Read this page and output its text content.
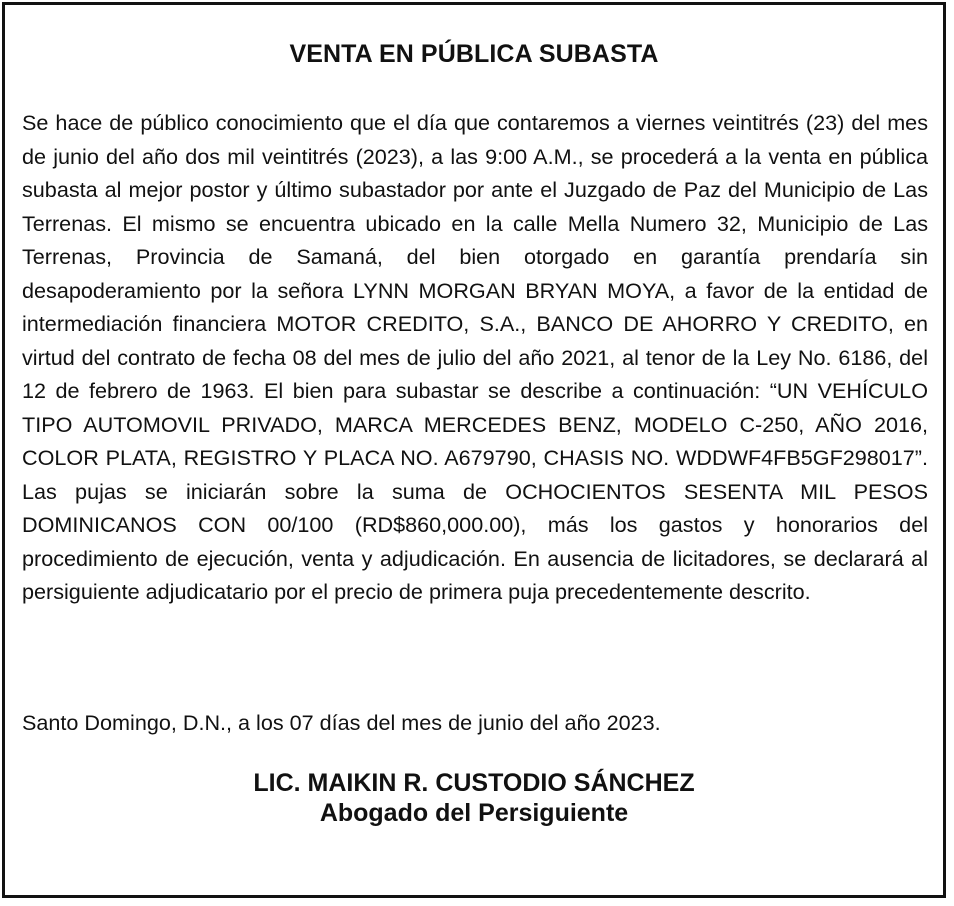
VENTA EN PÚBLICA SUBASTA

Se hace de público conocimiento que el día que contaremos a viernes veintitrés (23) del mes de junio del año dos mil veintitrés (2023), a las 9:00 A.M., se procederá a la venta en pública subasta al mejor postor y último subastador por ante el Juzgado de Paz del Municipio de Las Terrenas. El mismo se encuentra ubicado en la calle Mella Numero 32, Municipio de Las Terrenas, Provincia de Samaná, del bien otorgado en garantía prendaría sin desapoderamiento por la señora LYNN MORGAN BRYAN MOYA, a favor de la entidad de intermediación financiera MOTOR CREDITO, S.A., BANCO DE AHORRO Y CREDITO, en virtud del contrato de fecha 08 del mes de julio del año 2021, al tenor de la Ley No. 6186, del 12 de febrero de 1963. El bien para subastar se describe a continuación: “UN VEHÍCULO TIPO AUTOMOVIL PRIVADO, MARCA MERCEDES BENZ, MODELO C-250, AÑO 2016, COLOR PLATA, REGISTRO Y PLACA NO. A679790, CHASIS NO. WDDWF4FB5GF298017”. Las pujas se iniciarán sobre la suma de OCHOCIENTOS SESENTA MIL PESOS DOMINICANOS CON 00/100 (RD$860,000.00), más los gastos y honorarios del procedimiento de ejecución, venta y adjudicación. En ausencia de licitadores, se declarará al persiguiente adjudicatario por el precio de primera puja precedentemente descrito.

Santo Domingo, D.N., a los 07 días del mes de junio del año 2023.

LIC. MAIKIN R. CUSTODIO SÁNCHEZ
Abogado del Persiguiente
